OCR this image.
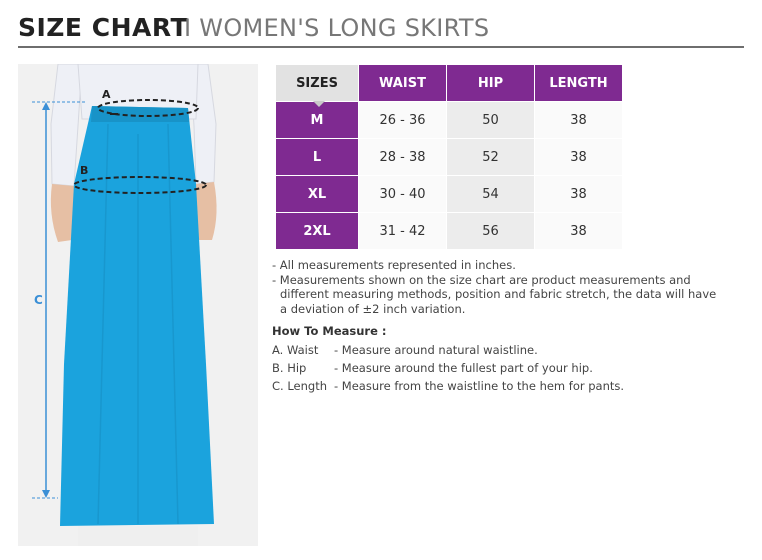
SIZE CHART
I WOMEN'S LONG SKIRTS
A
B
C
SIZES	WAIST	HIP	LENGTH
M	26 - 36	50	38
L	28 - 38	52	38
XL	30 - 40	54	38
2XL	31 - 42	56	38
- All measurements represented in inches.
- Measurements shown on the size chart are product measurements and
different measuring methods, position and fabric stretch, the data will have
a deviation of ±2 inch variation.
How To Measure :
A. Waist - Measure around natural waistline.
B. Hip - Measure around the fullest part of your hip.
C. Length - Measure from the waistline to the hem for pants.
